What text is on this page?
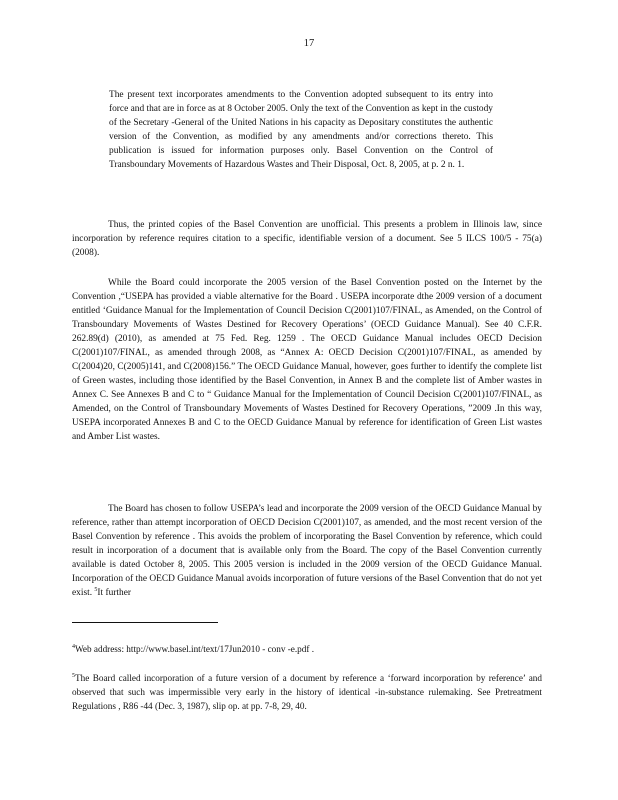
17

The present text incorporates amendments to the Convention adopted subsequent to its entry into force and that are in force as at 8 October 2005. Only the text of the Convention as kept in the custody of the Secretary -General of the United Nations in his capacity as Depositary constitutes the authentic version of the Convention, as modified by any amendments and/or corrections thereto. This publication is issued for information purposes only. Basel Convention on the Control of Transboundary Movements of Hazardous Wastes and Their Disposal, Oct. 8, 2005, at p. 2 n. 1.

Thus, the printed copies of the Basel Convention are unofficial. This presents a problem in Illinois law, since incorporation by reference requires citation to a specific, identifiable version of a document. See 5 ILCS 100/5 - 75(a) (2008).

While the Board could incorporate the 2005 version of the Basel Convention posted on the Internet by the Convention ,“USEPA has provided a viable alternative for the Board . USEPA incorporate dthe 2009 version of a document entitled ‘Guidance Manual for the Implementation of Council Decision C(2001)107/FINAL, as Amended, on the Control of Transboundary Movements of Wastes Destined for Recovery Operations’ (OECD Guidance Manual). See 40 C.F.R. 262.89(d) (2010), as amended at 75 Fed. Reg. 1259 . The OECD Guidance Manual includes OECD Decision C(2001)107/FINAL, as amended through 2008, as “Annex A: OECD Decision C(2001)107/FINAL, as amended by C(2004)20, C(2005)141, and C(2008)156.” The OECD Guidance Manual, however, goes further to identify the complete list of Green wastes, including those identified by the Basel Convention, in Annex B and the complete list of Amber wastes in Annex C. See Annexes B and C to “ Guidance Manual for the Implementation of Council Decision C(2001)107/FINAL, as Amended, on the Control of Transboundary Movements of Wastes Destined for Recovery Operations, ”2009 .In this way, USEPA incorporated Annexes B and C to the OECD Guidance Manual by reference for identification of Green List wastes and Amber List wastes.

The Board has chosen to follow USEPA’s lead and incorporate the 2009 version of the OECD Guidance Manual by reference, rather than attempt incorporation of OECD Decision C(2001)107, as amended, and the most recent version of the Basel Convention by reference . This avoids the problem of incorporating the Basel Convention by reference, which could result in incorporation of a document that is available only from the Board. The copy of the Basel Convention currently available is dated October 8, 2005. This 2005 version is included in the 2009 version of the OECD Guidance Manual. Incorporation of the OECD Guidance Manual avoids incorporation of future versions of the Basel Convention that do not yet exist. $^5$It further

$^4$Web address: http://www.basel.int/text/17Jun2010 - conv -e.pdf .

$^5$The Board called incorporation of a future version of a document by reference a ‘forward incorporation by reference’ and observed that such was impermissible very early in the history of identical -in-substance rulemaking. See Pretreatment Regulations , R86 -44 (Dec. 3, 1987), slip op. at pp. 7-8, 29, 40.
